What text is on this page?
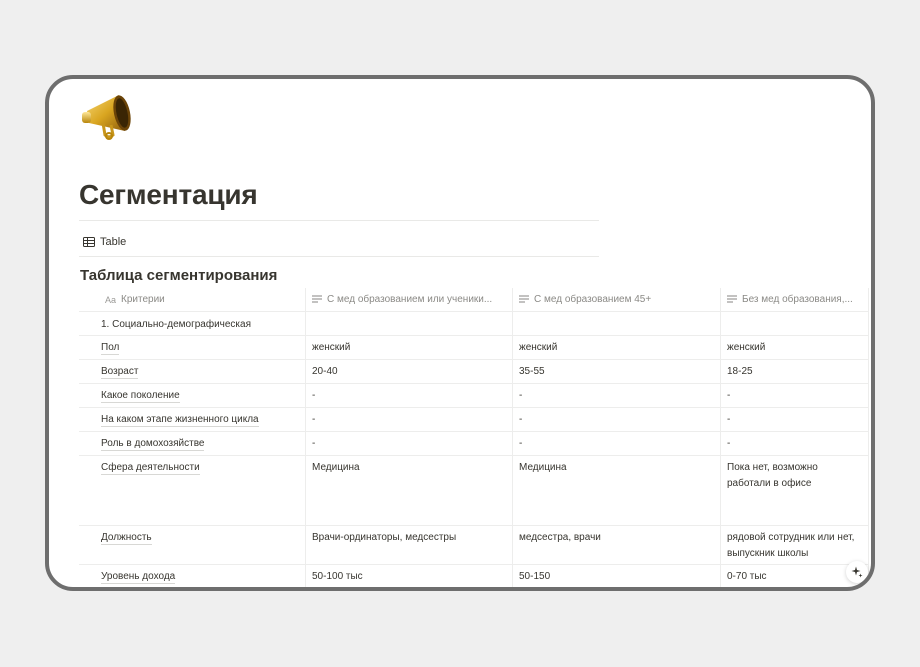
Сегментация
Table
Таблица сегментирования
Aa Критерии	С мед образованием или ученики...	С мед образованием 45+	Без мед образования,...
1. Социально-демографическая
Пол	женский	женский	женский
Возраст	20-40	35-55	18-25
Какое поколение	-	-	-
На каком этапе жизненного цикла	-	-	-
Роль в домохозяйстве	-	-	-
Сфера деятельности	Медицина	Медицина	Пока нет, возможно работали в офисе
Должность	Врачи-ординаторы, медсестры	медсестра, врачи	рядовой сотрудник или нет, выпускник школы
Уровень дохода	50-100 тыс	50-150	0-70 тыс
